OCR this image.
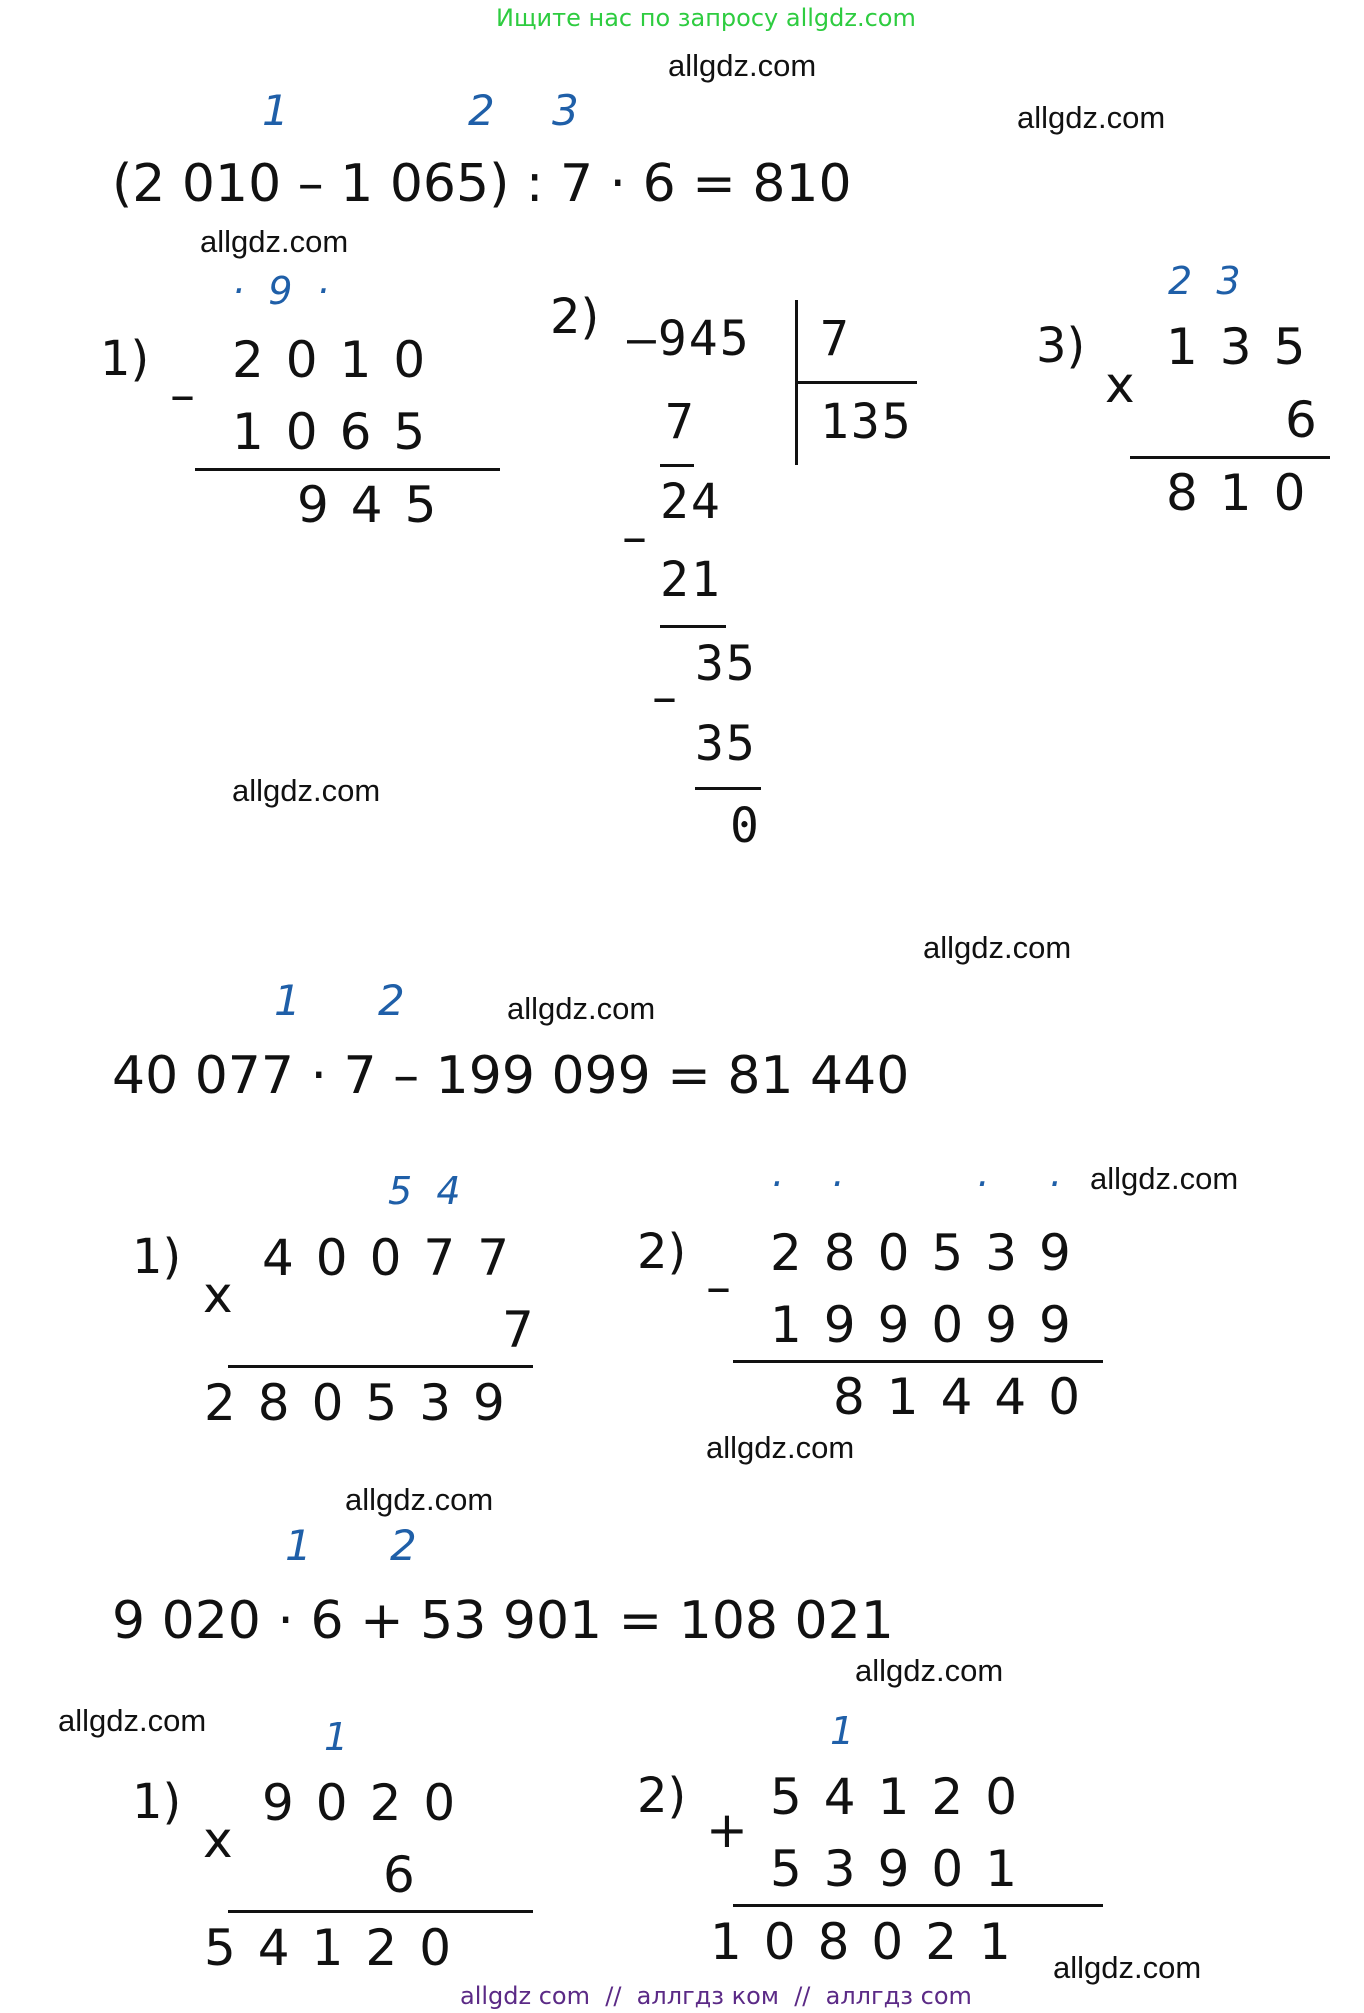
Ищите нас по запросу allgdz.com
allgdz com  //  аллгдз ком  //  аллгдз com
allgdz.com
allgdz.com
allgdz.com
allgdz.com
allgdz.com
allgdz.com
allgdz.com
allgdz.com
allgdz.com
allgdz.com
allgdz.com
allgdz.com
1	2 3
(2 010 – 1 065) : 7 · 6 = 810
1)
·  9  ·
–
2010
1065
945
2) –945 7
135
7
–
24
21
–
35
35
0
3)
2  3
x
135
6
810
1 2
40 077 · 7 – 199 099 = 81 440
1)
5  4
x
40077
7
280539
2)
·    ·           ·     ·
–
280539
199099
81440
1 2
9 020 · 6 + 53 901 = 108 021
1)
1
x
9020
6
54120
2)
1
+
54120
53901
108021
